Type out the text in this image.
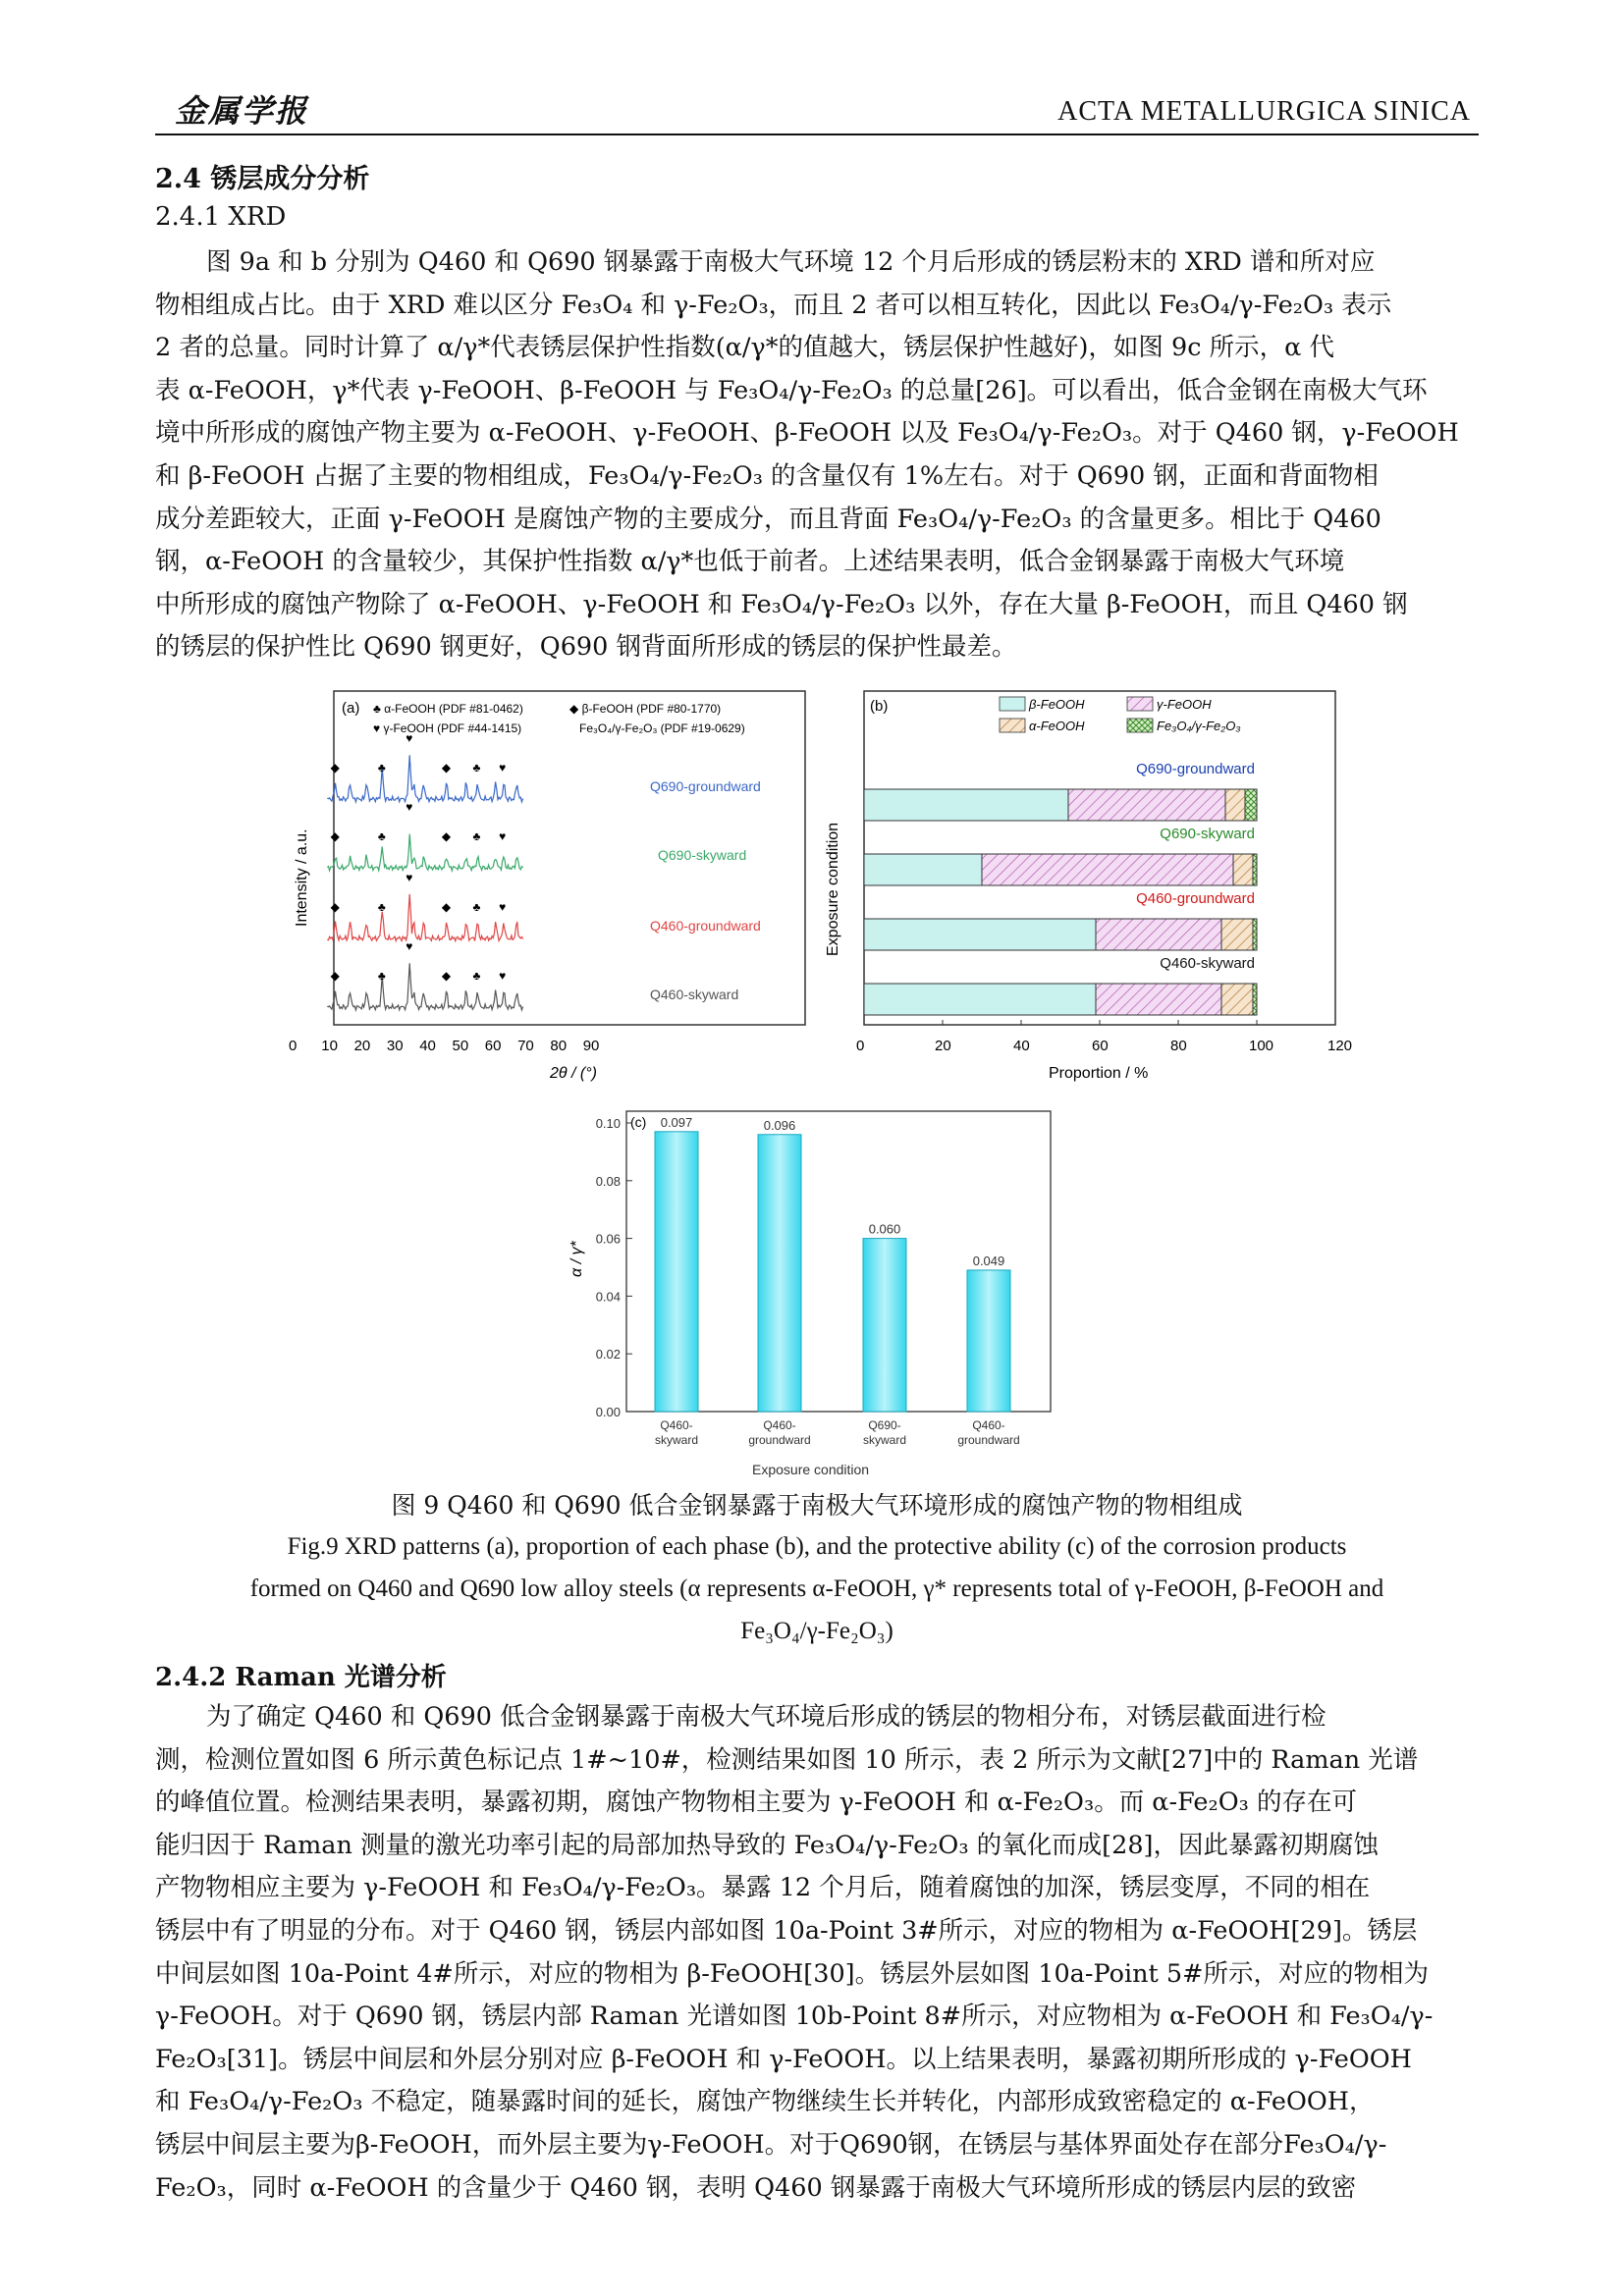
金属学报	ACTA METALLURGICA SINICA
2.4 锈层成分分析
2.4.1 XRD
图 9a 和 b 分别为 Q460 和 Q690 钢暴露于南极大气环境 12 个月后形成的锈层粉末的 XRD 谱和所对应
物相组成占比。由于 XRD 难以区分 Fe₃O₄ 和 γ-Fe₂O₃，而且 2 者可以相互转化，因此以 Fe₃O₄/γ-Fe₂O₃ 表示
2 者的总量。同时计算了 α/γ*代表锈层保护性指数(α/γ*的值越大，锈层保护性越好)，如图 9c 所示，α 代
表 α-FeOOH，γ*代表 γ-FeOOH、β-FeOOH 与 Fe₃O₄/γ-Fe₂O₃ 的总量[26]。可以看出，低合金钢在南极大气环
境中所形成的腐蚀产物主要为 α-FeOOH、γ-FeOOH、β-FeOOH 以及 Fe₃O₄/γ-Fe₂O₃。对于 Q460 钢，γ-FeOOH
和 β-FeOOH 占据了主要的物相组成，Fe₃O₄/γ-Fe₂O₃ 的含量仅有 1%左右。对于 Q690 钢，正面和背面物相
成分差距较大，正面 γ-FeOOH 是腐蚀产物的主要成分，而且背面 Fe₃O₄/γ-Fe₂O₃ 的含量更多。相比于 Q460
钢，α-FeOOH 的含量较少，其保护性指数 α/γ*也低于前者。上述结果表明，低合金钢暴露于南极大气环境
中所形成的腐蚀产物除了 α-FeOOH、γ-FeOOH 和 Fe₃O₄/γ-Fe₂O₃ 以外，存在大量 β-FeOOH，而且 Q460 钢
的锈层的保护性比 Q690 钢更好，Q690 钢背面所形成的锈层的保护性最差。
(a) ♣ α-FeOOH (PDF #81-0462)	◆ β-FeOOH (PDF #80-1770)
♥ γ-FeOOH (PDF #44-1415)	Fe₃O₄/γ-Fe₂O₃ (PDF #19-0629)
Q690-groundward
◆	♣
♥
◆ ♣ ♥
Q690-skyward
◆	♣
♥
◆ ♣ ♥
Q460-groundward
◆	♣
♥
◆ ♣ ♥
Q460-skyward
◆	♣
♥
◆ ♣ ♥
Intensity / a.u.
2θ / (°)
0 10 20 30 40 50 60 70 80 90
(b)	β-FeOOH	γ-FeOOH
α-FeOOH	Fe₃O₄/γ-Fe₂O₃
Q690-groundward
Q690-skyward
Q460-groundward
Q460-skyward
0	20	40	60	80	100	120
Exposure condition
Proportion / %
(c)
0.00
0.02
0.04
0.06
0.08
0.10	0.097
Q460-
skyward
0.096
Q460-
groundward
0.060
Q690-
skyward
0.049
Q460-
groundward
α / γ*
Exposure condition
图 9 Q460 和 Q690 低合金钢暴露于南极大气环境形成的腐蚀产物的物相组成
Fig.9 XRD patterns (a), proportion of each phase (b), and the protective ability (c) of the corrosion products
formed on Q460 and Q690 low alloy steels (α represents α-FeOOH, γ* represents total of γ-FeOOH, β-FeOOH and
Fe₃O₄/γ-Fe₂O₃)
2.4.2 Raman 光谱分析
为了确定 Q460 和 Q690 低合金钢暴露于南极大气环境后形成的锈层的物相分布，对锈层截面进行检
测，检测位置如图 6 所示黄色标记点 1#~10#，检测结果如图 10 所示，表 2 所示为文献[27]中的 Raman 光谱
的峰值位置。检测结果表明，暴露初期，腐蚀产物物相主要为 γ-FeOOH 和 α-Fe₂O₃。而 α-Fe₂O₃ 的存在可
能归因于 Raman 测量的激光功率引起的局部加热导致的 Fe₃O₄/γ-Fe₂O₃ 的氧化而成[28]，因此暴露初期腐蚀
产物物相应主要为 γ-FeOOH 和 Fe₃O₄/γ-Fe₂O₃。暴露 12 个月后，随着腐蚀的加深，锈层变厚，不同的相在
锈层中有了明显的分布。对于 Q460 钢，锈层内部如图 10a-Point 3#所示，对应的物相为 α-FeOOH[29]。锈层
中间层如图 10a-Point 4#所示，对应的物相为 β-FeOOH[30]。锈层外层如图 10a-Point 5#所示，对应的物相为
γ-FeOOH。对于 Q690 钢，锈层内部 Raman 光谱如图 10b-Point 8#所示，对应物相为 α-FeOOH 和 Fe₃O₄/γ-
Fe₂O₃[31]。锈层中间层和外层分别对应 β-FeOOH 和 γ-FeOOH。以上结果表明，暴露初期所形成的 γ-FeOOH
和 Fe₃O₄/γ-Fe₂O₃ 不稳定，随暴露时间的延长，腐蚀产物继续生长并转化，内部形成致密稳定的 α-FeOOH，
锈层中间层主要为β-FeOOH，而外层主要为γ-FeOOH。对于Q690钢，在锈层与基体界面处存在部分Fe₃O₄/γ-
Fe₂O₃，同时 α-FeOOH 的含量少于 Q460 钢，表明 Q460 钢暴露于南极大气环境所形成的锈层内层的致密
